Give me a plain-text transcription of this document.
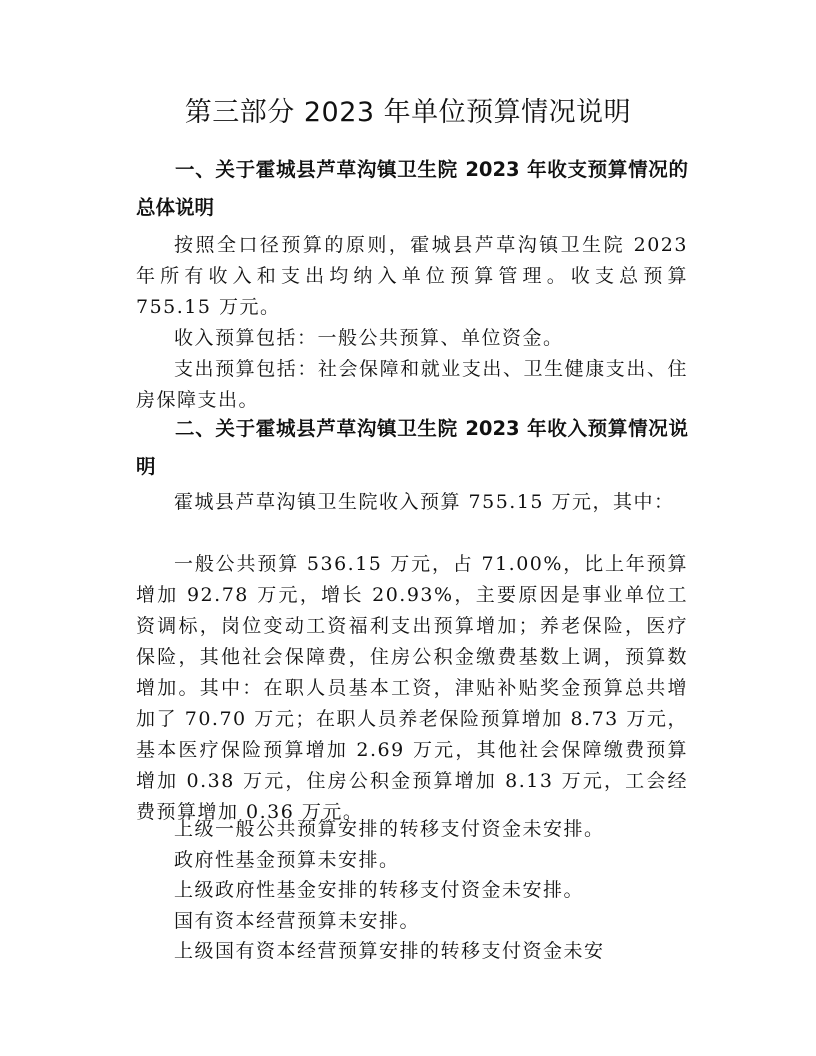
第三部分 2023 年单位预算情况说明

一、关于霍城县芦草沟镇卫生院 2023 年收支预算情况的总体说明

按照全口径预算的原则，霍城县芦草沟镇卫生院 2023 年所有收入和支出均纳入单位预算管理。收支总预算 755.15 万元。

收入预算包括：一般公共预算、单位资金。

支出预算包括：社会保障和就业支出、卫生健康支出、住房保障支出。

二、关于霍城县芦草沟镇卫生院 2023 年收入预算情况说明

霍城县芦草沟镇卫生院收入预算 755.15 万元，其中：

一般公共预算 536.15 万元，占 71.00%，比上年预算增加 92.78 万元，增长 20.93%，主要原因是事业单位工资调标，岗位变动工资福利支出预算增加；养老保险，医疗保险，其他社会保障费，住房公积金缴费基数上调，预算数增加。其中：在职人员基本工资，津贴补贴奖金预算总共增加了 70.70 万元；在职人员养老保险预算增加 8.73 万元，基本医疗保险预算增加 2.69 万元，其他社会保障缴费预算增加 0.38 万元，住房公积金预算增加 8.13 万元，工会经费预算增加 0.36 万元。

上级一般公共预算安排的转移支付资金未安排。

政府性基金预算未安排。

上级政府性基金安排的转移支付资金未安排。

国有资本经营预算未安排。

上级国有资本经营预算安排的转移支付资金未安
